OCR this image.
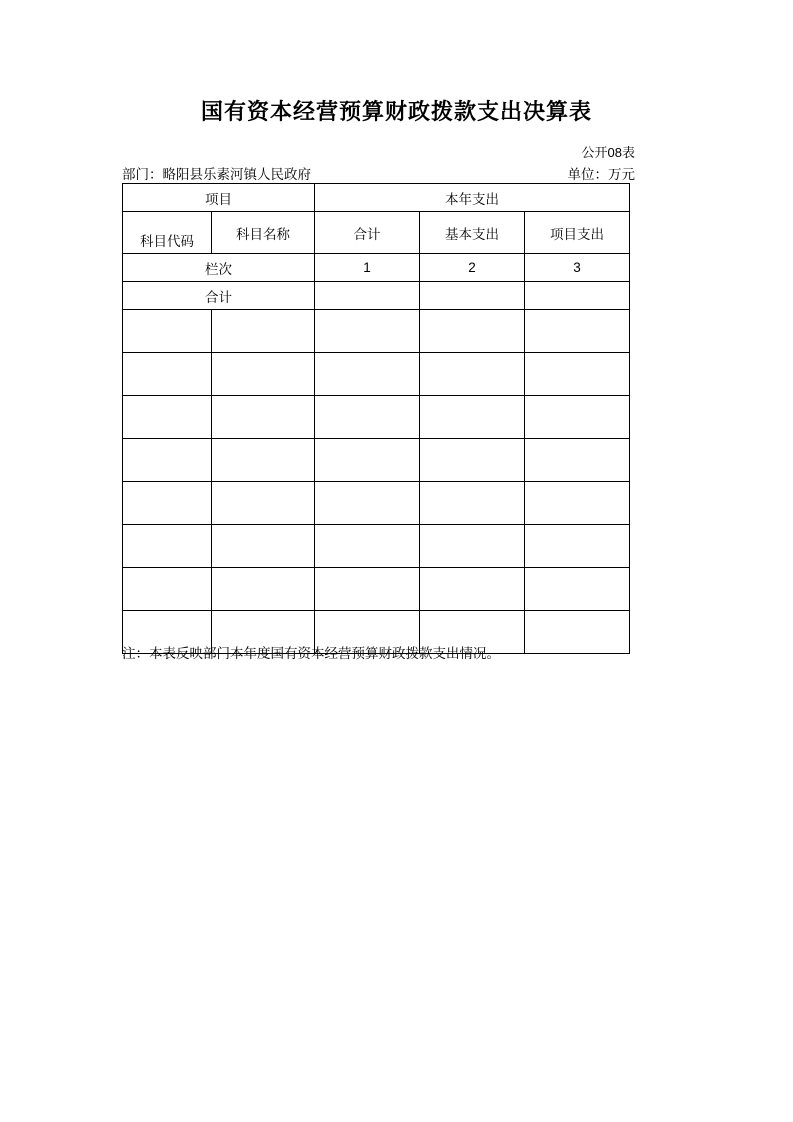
国有资本经营预算财政拨款支出决算表
公开08表
部门：略阳县乐素河镇人民政府	单位：万元
项目		本年支出		

科目代码	科目名称	合计	基本支出	项目支出
栏次		1	2	3
合计				

注：本表反映部门本年度国有资本经营预算财政拨款支出情况。
